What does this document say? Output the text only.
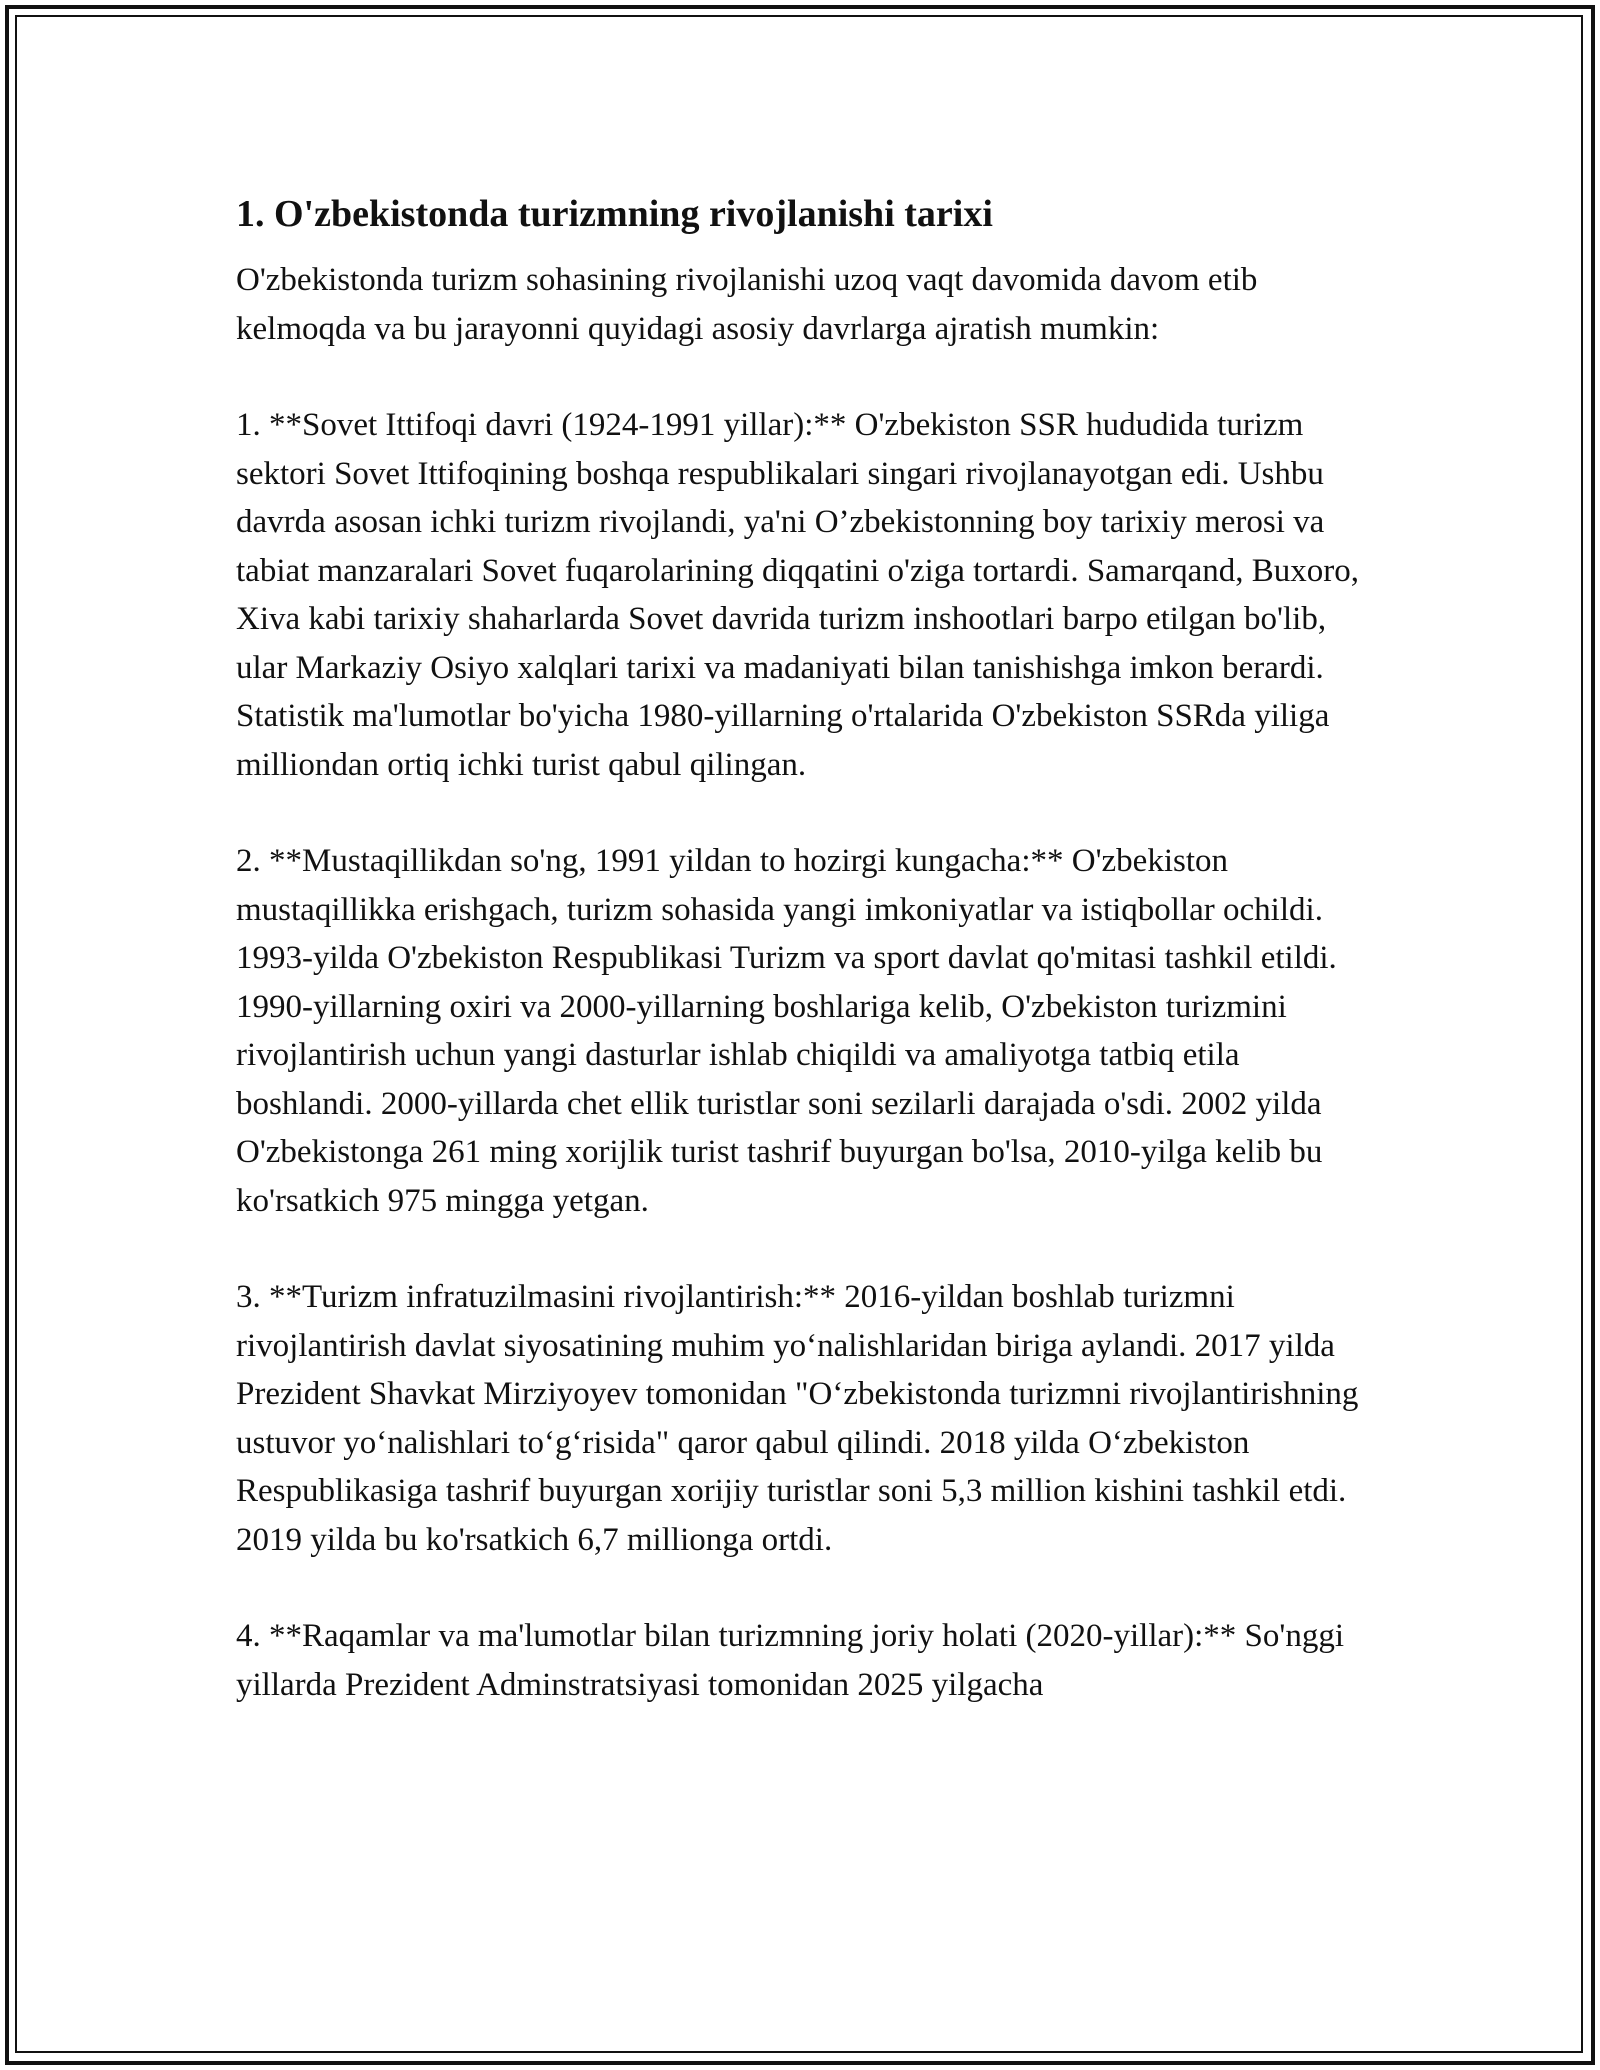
1. O'zbekistonda turizmning rivojlanishi tarixi

O'zbekistonda turizm sohasining rivojlanishi uzoq vaqt davomida davom etib kelmoqda va bu jarayonni quyidagi asosiy davrlarga ajratish mumkin:

1. **Sovet Ittifoqi davri (1924-1991 yillar):** O'zbekiston SSR hududida turizm sektori Sovet Ittifoqining boshqa respublikalari singari rivojlanayotgan edi. Ushbu davrda asosan ichki turizm rivojlandi, ya'ni O’zbekistonning boy tarixiy merosi va tabiat manzaralari Sovet fuqarolarining diqqatini o'ziga tortardi. Samarqand, Buxoro, Xiva kabi tarixiy shaharlarda Sovet davrida turizm inshootlari barpo etilgan bo'lib, ular Markaziy Osiyo xalqlari tarixi va madaniyati bilan tanishishga imkon berardi. Statistik ma'lumotlar bo'yicha 1980-yillarning o'rtalarida O'zbekiston SSRda yiliga milliondan ortiq ichki turist qabul qilingan.

2. **Mustaqillikdan so'ng, 1991 yildan to hozirgi kungacha:** O'zbekiston mustaqillikka erishgach, turizm sohasida yangi imkoniyatlar va istiqbollar ochildi. 1993-yilda O'zbekiston Respublikasi Turizm va sport davlat qo'mitasi tashkil etildi. 1990-yillarning oxiri va 2000-yillarning boshlariga kelib, O'zbekiston turizmini rivojlantirish uchun yangi dasturlar ishlab chiqildi va amaliyotga tatbiq etila boshlandi. 2000-yillarda chet ellik turistlar soni sezilarli darajada o'sdi. 2002 yilda O'zbekistonga 261 ming xorijlik turist tashrif buyurgan bo'lsa, 2010-yilga kelib bu ko'rsatkich 975 mingga yetgan.

3. **Turizm infratuzilmasini rivojlantirish:** 2016-yildan boshlab turizmni rivojlantirish davlat siyosatining muhim yo‘nalishlaridan biriga aylandi. 2017 yilda Prezident Shavkat Mirziyoyev tomonidan "O‘zbekistonda turizmni rivojlantirishning ustuvor yo‘nalishlari to‘g‘risida" qaror qabul qilindi. 2018 yilda O‘zbekiston Respublikasiga tashrif buyurgan xorijiy turistlar soni 5,3 million kishini tashkil etdi. 2019 yilda bu ko'rsatkich 6,7 millionga ortdi.

4. **Raqamlar va ma'lumotlar bilan turizmning joriy holati (2020-yillar):** So'nggi yillarda Prezident Adminstratsiyasi tomonidan 2025 yilgacha
